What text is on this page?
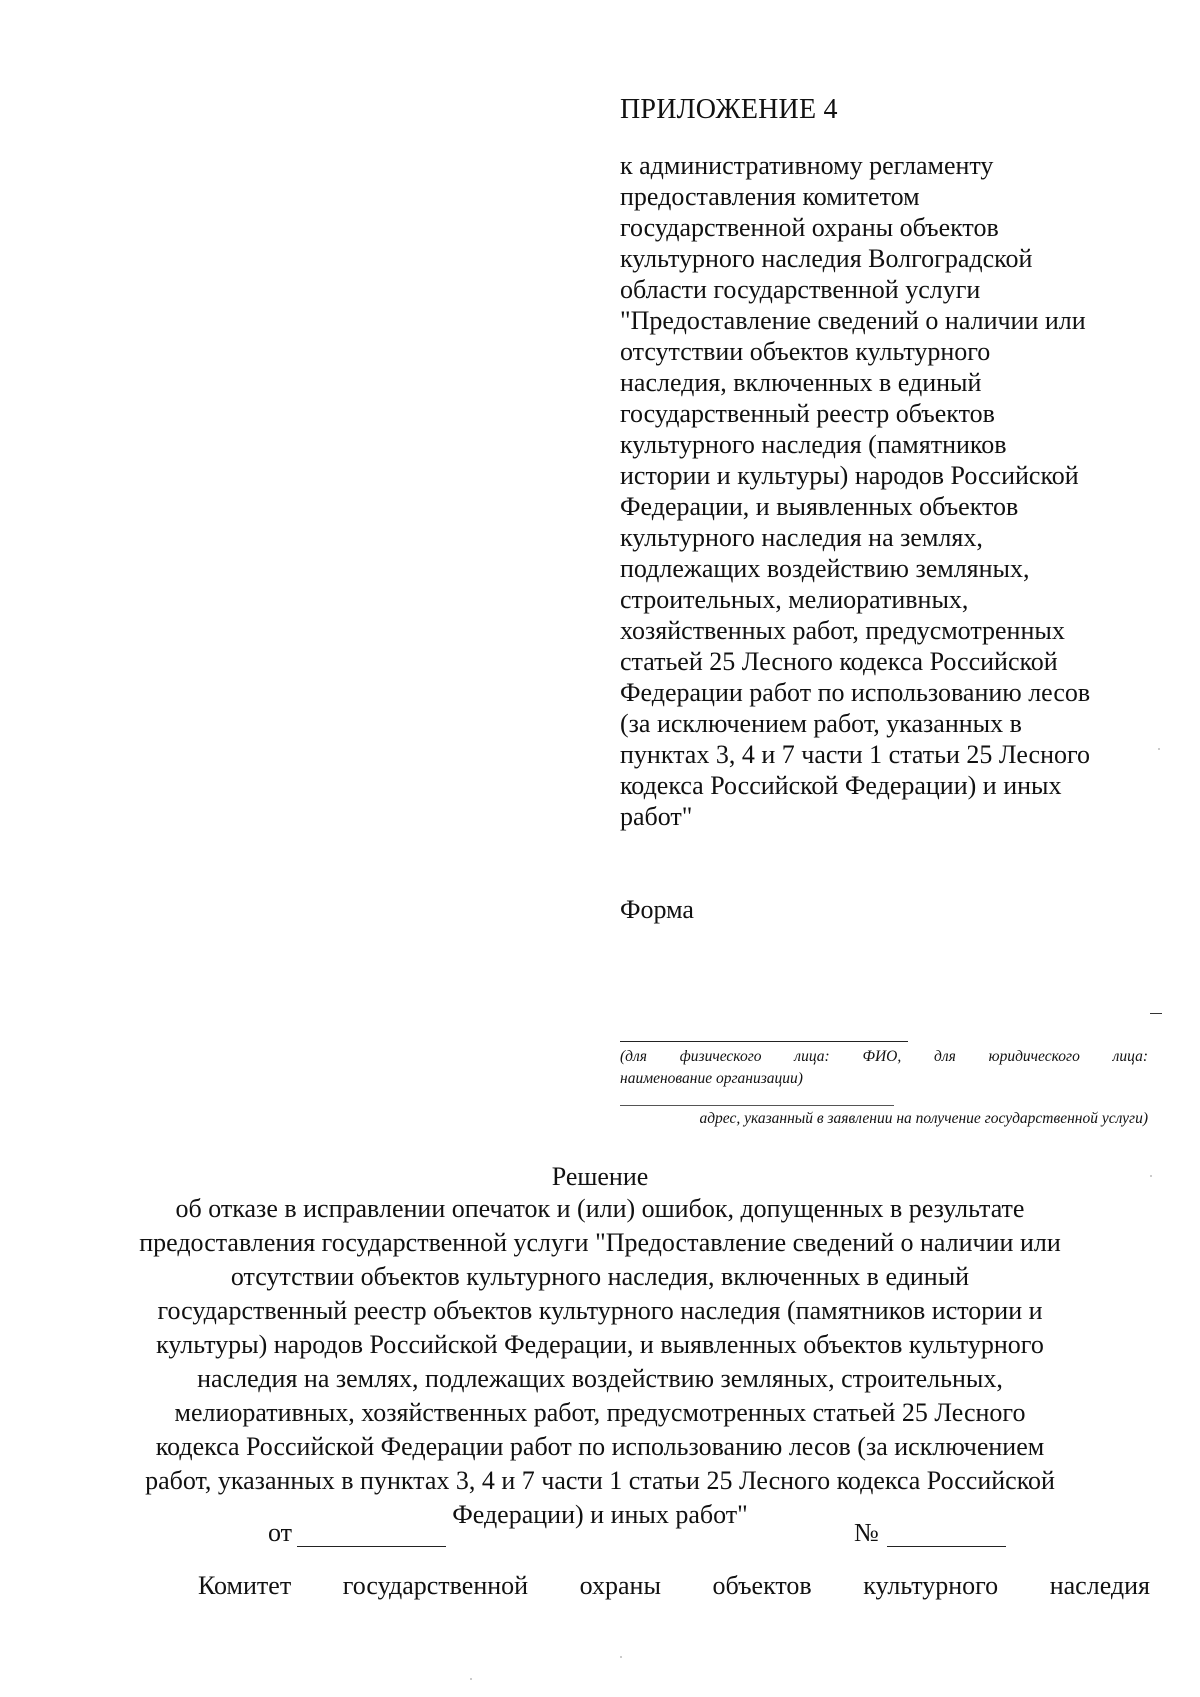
ПРИЛОЖЕНИЕ 4
к административному регламенту
предоставления комитетом
государственной охраны объектов
культурного наследия Волгоградской
области государственной услуги
"Предоставление сведений о наличии или
отсутствии объектов культурного
наследия, включенных в единый
государственный реестр объектов
культурного наследия (памятников
истории и культуры) народов Российской
Федерации, и выявленных объектов
культурного наследия на землях,
подлежащих воздействию земляных,
строительных, мелиоративных,
хозяйственных работ, предусмотренных
статьей 25 Лесного кодекса Российской
Федерации работ по использованию лесов
(за исключением работ, указанных в
пунктах 3, 4 и 7 части 1 статьи 25 Лесного
кодекса Российской Федерации) и иных
работ"
Форма
(для физического лица: ФИО, для юридического лица:
наименование организации)
адрес, указанный в заявлении на получение государственной услуги)
Решение
об отказе в исправлении опечаток и (или) ошибок, допущенных в результате
предоставления государственной услуги "Предоставление сведений о наличии или
отсутствии объектов культурного наследия, включенных в единый
государственный реестр объектов культурного наследия (памятников истории и
культуры) народов Российской Федерации, и выявленных объектов культурного
наследия на землях, подлежащих воздействию земляных, строительных,
мелиоративных, хозяйственных работ, предусмотренных статьей 25 Лесного
кодекса Российской Федерации работ по использованию лесов (за исключением
работ, указанных в пунктах 3, 4 и 7 части 1 статьи 25 Лесного кодекса Российской
Федерации) и иных работ"
от	№
Комитет государственной охраны объектов культурного наследия
